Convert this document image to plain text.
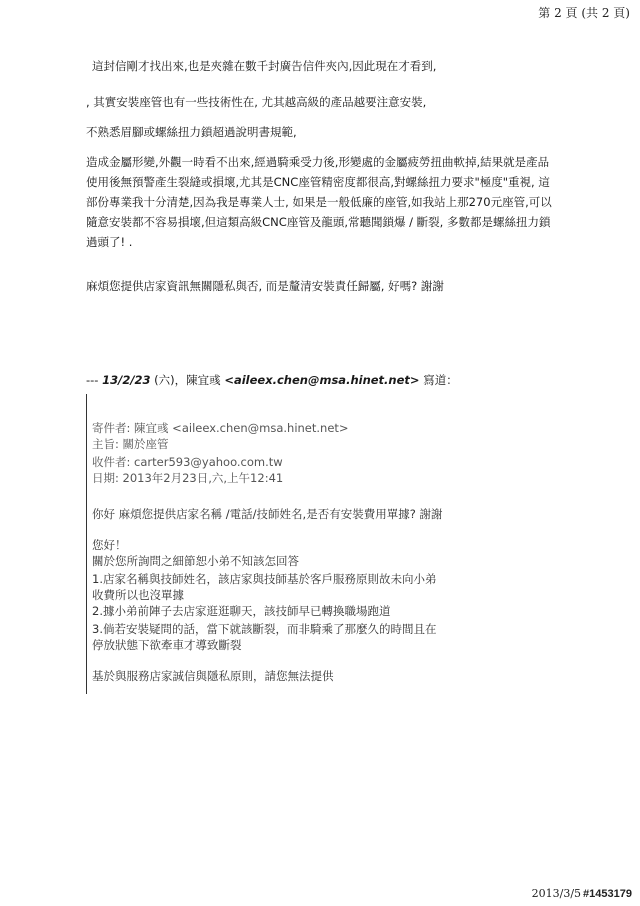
第 2 頁 (共 2 頁)

這封信剛才找出來,也是夾雜在數千封廣告信件夾內,因此現在才看到,

, 其實安裝座管也有一些技術性在, 尤其越高級的產品越要注意安裝,

不熟悉眉腳或螺絲扭力鎖超過說明書規範,

造成金屬形變,外觀一時看不出來,經過騎乘受力後,形變處的金屬疲勞扭曲軟掉,結果就是產品使用後無預警產生裂縫或損壞,尤其是CNC座管精密度都很高,對螺絲扭力要求"極度"重視, 這部份專業我十分清楚,因為我是專業人士, 如果是一般低廉的座管,如我站上那270元座管,可以隨意安裝都不容易損壞,但這類高級CNC座管及龍頭,常聽聞鎖爆 / 斷裂, 多數都是螺絲扭力鎖過頭了! .

麻煩您提供店家資訊無關隱私與否, 而是釐清安裝責任歸屬, 好嗎? 謝謝

--- 13/2/23 (六)，陳宜彧 <aileex.chen@msa.hinet.net> 寫道：
寄件者: 陳宜彧 <aileex.chen@msa.hinet.net>
主旨: 關於座管
收件者: carter593@yahoo.com.tw
日期: 2013年2月23日,六,上午12:41
你好 麻煩您提供店家名稱 /電話/技師姓名,是否有安裝費用單據? 謝謝
您好！
關於您所詢問之細節恕小弟不知該怎回答
1.店家名稱與技師姓名，該店家與技師基於客戶服務原則故未向小弟
收費所以也沒單據
2.據小弟前陣子去店家逛逛聊天，該技師早已轉換職場跑道
3.倘若安裝疑問的話，當下就該斷裂，而非騎乘了那麼久的時間且在
停放狀態下欲牽車才導致斷裂
基於與服務店家誠信與隱私原則，請您無法提供
2013/3/5 #1453179
